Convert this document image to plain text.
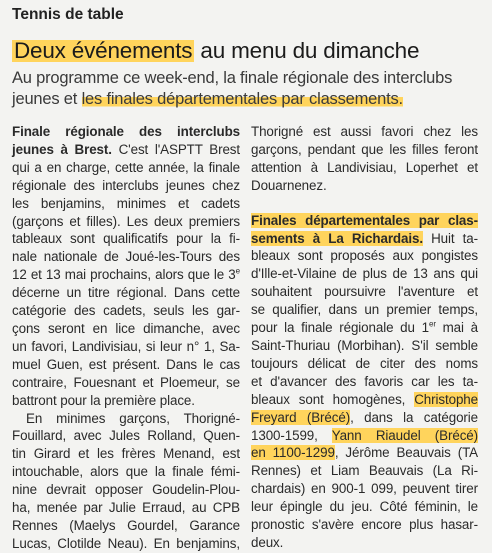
Tennis de table
Deux événements au menu du dimanche
Au programme ce week-end, la finale régionale des interclubs
jeunes et les finales départementales par classements.
Finale régionale des interclubs
jeunes à Brest. C'est l'ASPTT Brest
qui a en charge, cette année, la finale
régionale des interclubs jeunes chez
les benjamins, minimes et cadets
(garçons et filles). Les deux premiers
tableaux sont qualificatifs pour la fi-
nale nationale de Joué-les-Tours des
12 et 13 mai prochains, alors que le 3e
décerne un titre régional. Dans cette
catégorie des cadets, seuls les gar-
çons seront en lice dimanche, avec
un favori, Landivisiau, si leur n° 1, Sa-
muel Guen, est présent. Dans le cas
contraire, Fouesnant et Ploemeur, se
battront pour la première place.
En minimes garçons, Thorigné-
Fouillard, avec Jules Rolland, Quen-
tin Girard et les frères Menand, est
intouchable, alors que la finale fémi-
nine devrait opposer Goudelin-Plou-
ha, menée par Julie Erraud, au CPB
Rennes (Maelys Gourdel, Garance
Lucas, Clotilde Neau). En benjamins,
Thorigné est aussi favori chez les
garçons, pendant que les filles feront
attention à Landivisiau, Loperhet et
Douarnenez.
Finales départementales par clas-
sements à La Richardais. Huit ta-
bleaux sont proposés aux pongistes
d'Ille-et-Vilaine de plus de 13 ans qui
souhaitent poursuivre l'aventure et
se qualifier, dans un premier temps,
pour la finale régionale du 1er mai à
Saint-Thuriau (Morbihan). S'il semble
toujours délicat de citer des noms
et d'avancer des favoris car les ta-
bleaux sont homogènes, Christophe
Freyard (Brécé), dans la catégorie
1300-1599, Yann Riaudel (Brécé)
en 1100-1299, Jérôme Beauvais (TA
Rennes) et Liam Beauvais (La Ri-
chardais) en 900-1 099, peuvent tirer
leur épingle du jeu. Côté féminin, le
pronostic s'avère encore plus hasar-
deux.
